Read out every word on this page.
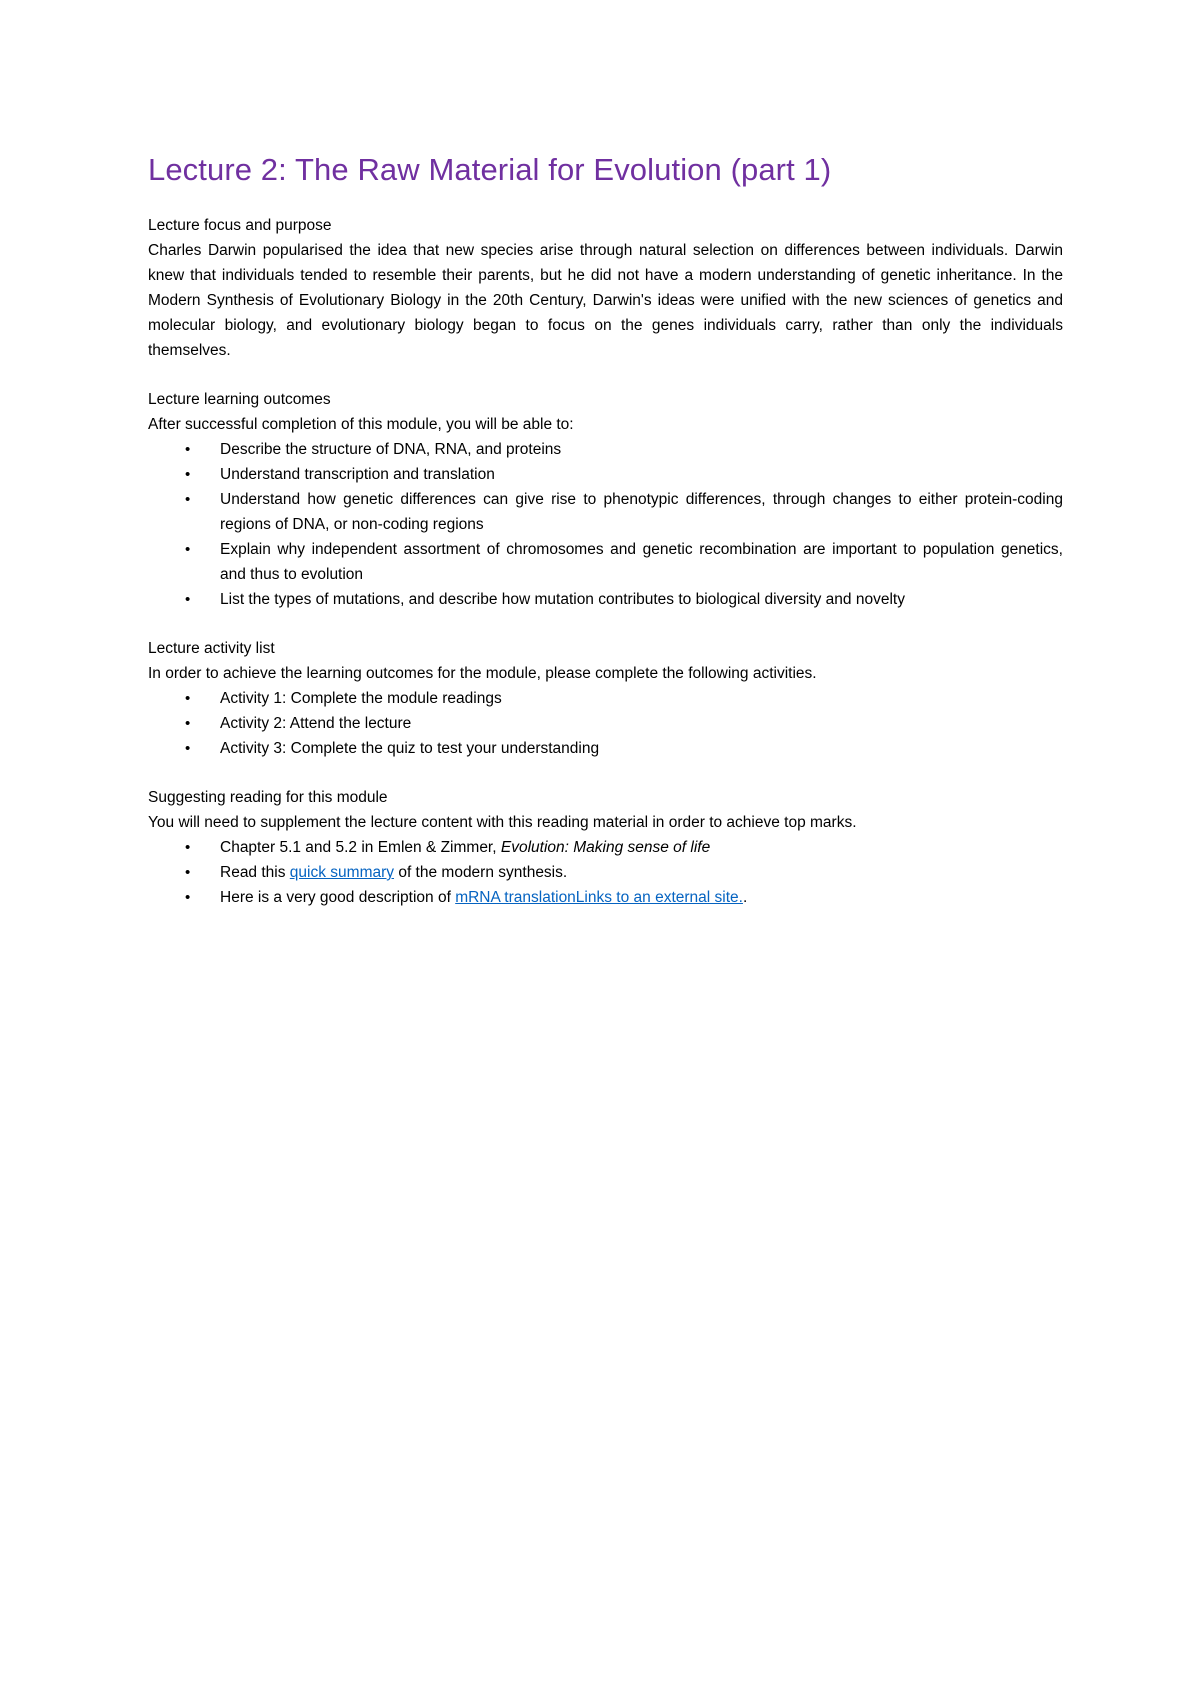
Lecture 2: The Raw Material for Evolution (part 1)
Lecture focus and purpose
Charles Darwin popularised the idea that new species arise through natural selection on differences between individuals. Darwin knew that individuals tended to resemble their parents, but he did not have a modern understanding of genetic inheritance. In the Modern Synthesis of Evolutionary Biology in the 20th Century, Darwin's ideas were unified with the new sciences of genetics and molecular biology, and evolutionary biology began to focus on the genes individuals carry, rather than only the individuals themselves.
Lecture learning outcomes
After successful completion of this module, you will be able to:
• Describe the structure of DNA, RNA, and proteins
• Understand transcription and translation
• Understand how genetic differences can give rise to phenotypic differences, through changes to either protein-coding regions of DNA, or non-coding regions
• Explain why independent assortment of chromosomes and genetic recombination are important to population genetics, and thus to evolution
• List the types of mutations, and describe how mutation contributes to biological diversity and novelty
Lecture activity list
In order to achieve the learning outcomes for the module, please complete the following activities.
• Activity 1: Complete the module readings
• Activity 2: Attend the lecture
• Activity 3: Complete the quiz to test your understanding
Suggesting reading for this module
You will need to supplement the lecture content with this reading material in order to achieve top marks.
• Chapter 5.1 and 5.2 in Emlen & Zimmer, Evolution: Making sense of life
• Read this quick summary of the modern synthesis.
• Here is a very good description of mRNA translationLinks to an external site..
